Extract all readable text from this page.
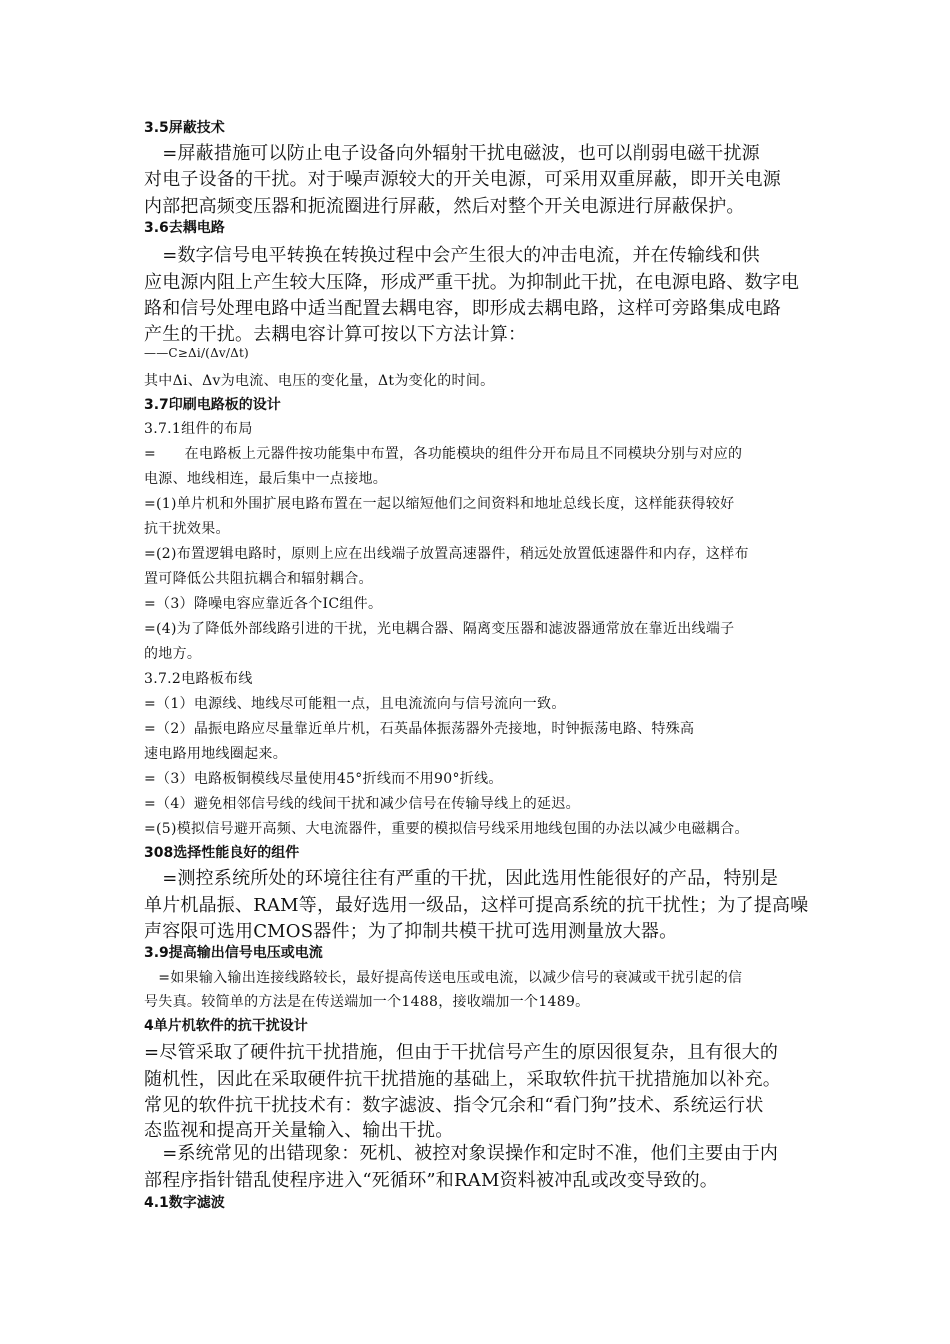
3.5屏蔽技术
　=屏蔽措施可以防止电子设备向外辐射干扰电磁波，也可以削弱电磁干扰源
对电子设备的干扰。对于噪声源较大的开关电源，可采用双重屏蔽，即开关电源
内部把高频变压器和扼流圈进行屏蔽，然后对整个开关电源进行屏蔽保护。
3.6去耦电路
　=数字信号电平转换在转换过程中会产生很大的冲击电流，并在传输线和供
应电源内阻上产生较大压降，形成严重干扰。为抑制此干扰，在电源电路、数字电
路和信号处理电路中适当配置去耦电容，即形成去耦电路，这样可旁路集成电路
产生的干扰。去耦电容计算可按以下方法计算：
——C≥Δi/(Δv/Δt)
其中Δi、Δv为电流、电压的变化量，Δt为变化的时间。
3.7印刷电路板的设计
3.7.1组件的布局
=　　在电路板上元器件按功能集中布置，各功能模块的组件分开布局且不同模块分别与对应的
电源、地线相连，最后集中一点接地。
=(1)单片机和外围扩展电路布置在一起以缩短他们之间资料和地址总线长度，这样能获得较好
抗干扰效果。
=(2)布置逻辑电路时，原则上应在出线端子放置高速器件，稍远处放置低速器件和内存，这样布
置可降低公共阻抗耦合和辐射耦合。
=（3）降噪电容应靠近各个IC组件。
=(4)为了降低外部线路引进的干扰，光电耦合器、隔离变压器和滤波器通常放在靠近出线端子
的地方。
3.7.2电路板布线
=（1）电源线、地线尽可能粗一点，且电流流向与信号流向一致。
=（2）晶振电路应尽量靠近单片机，石英晶体振荡器外壳接地，时钟振荡电路、特殊高
速电路用地线圈起来。
=（3）电路板铜模线尽量使用45°折线而不用90°折线。
=（4）避免相邻信号线的线间干扰和减少信号在传输导线上的延迟。
=(5)模拟信号避开高频、大电流器件，重要的模拟信号线采用地线包围的办法以减少电磁耦合。
308选择性能良好的组件
　=测控系统所处的环境往往有严重的干扰，因此选用性能很好的产品，特别是
单片机晶振、RAM等，最好选用一级品，这样可提高系统的抗干扰性；为了提高噪
声容限可选用CMOS器件；为了抑制共模干扰可选用测量放大器。
3.9提高输出信号电压或电流
　=如果输入输出连接线路较长，最好提高传送电压或电流，以减少信号的衰减或干扰引起的信
号失真。较简单的方法是在传送端加一个1488，接收端加一个1489。
4单片机软件的抗干扰设计
=尽管采取了硬件抗干扰措施，但由于干扰信号产生的原因很复杂，且有很大的
随机性，因此在采取硬件抗干扰措施的基础上，采取软件抗干扰措施加以补充。
常见的软件抗干扰技术有：数字滤波、指令冗余和“看门狗”技术、系统运行状
态监视和提高开关量输入、输出干扰。
　=系统常见的出错现象：死机、被控对象误操作和定时不准，他们主要由于内
部程序指针错乱使程序进入“死循环”和RAM资料被冲乱或改变导致的。
4.1数字滤波
